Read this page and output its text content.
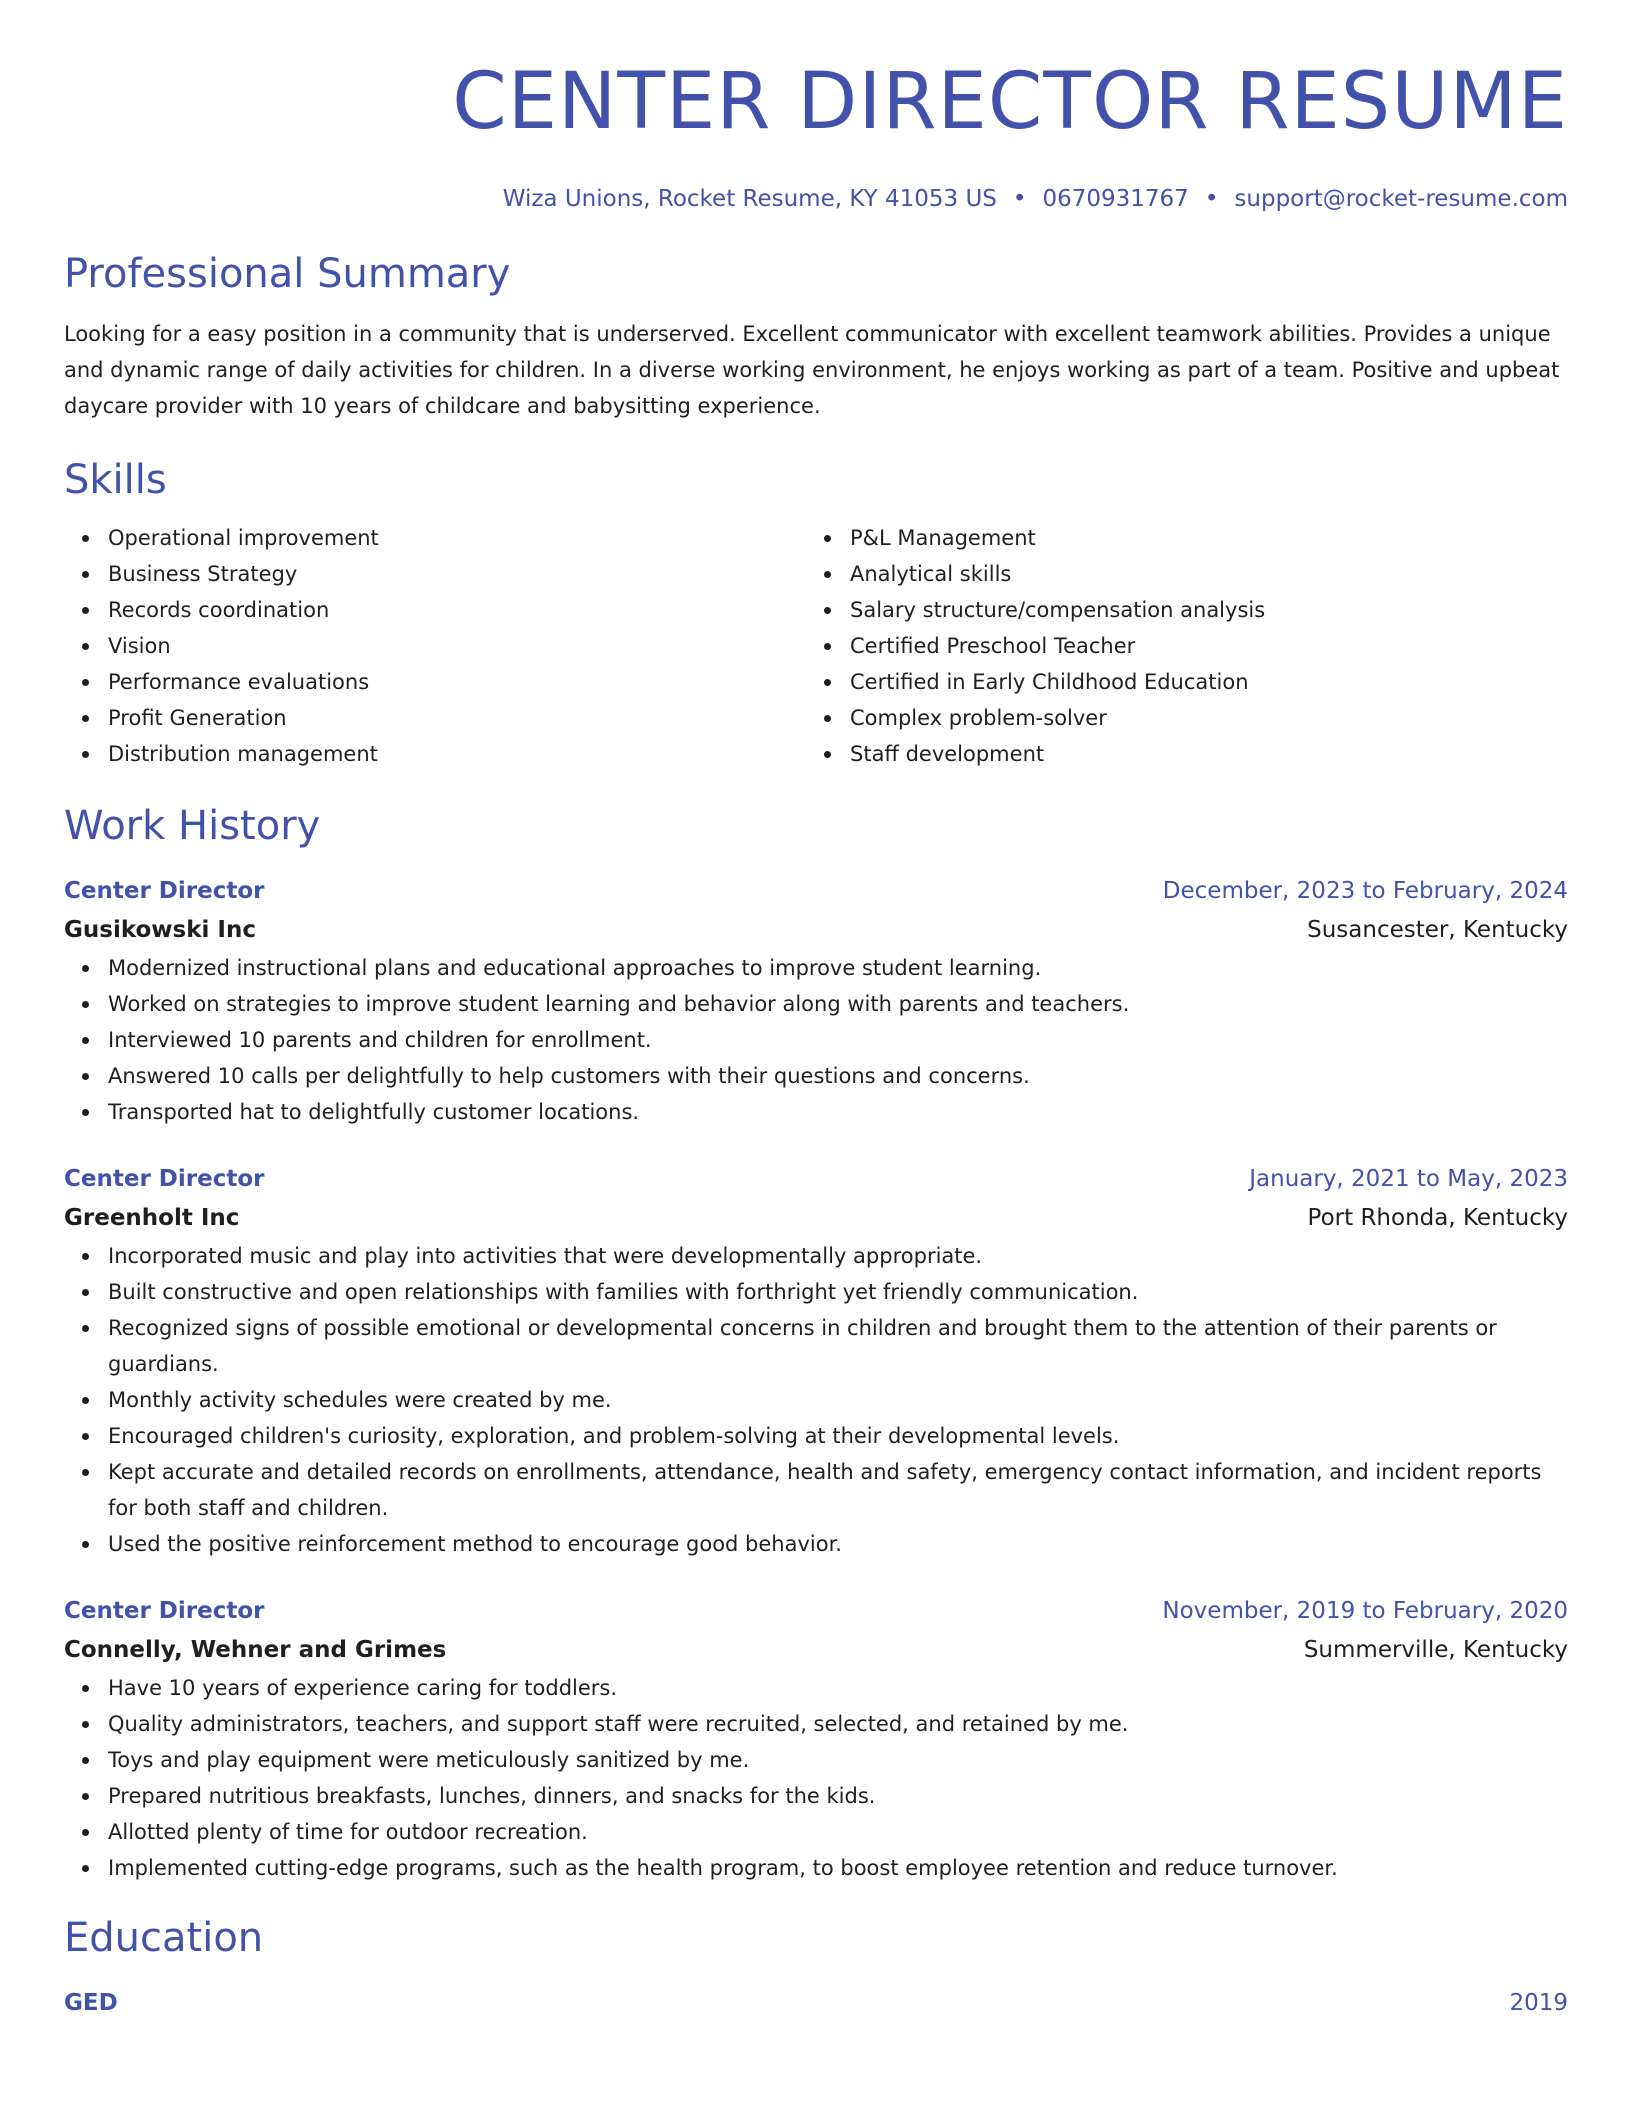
CENTER DIRECTOR RESUME
Wiza Unions, Rocket Resume, KY 41053 US • 0670931767 • support@rocket-resume.com
Professional Summary

Looking for a easy position in a community that is underserved. Excellent communicator with excellent teamwork abilities. Provides a unique and dynamic range of daily activities for children. In a diverse working environment, he enjoys working as part of a team. Positive and upbeat daycare provider with 10 years of childcare and babysitting experience.

Skills
Operational improvement
Business Strategy
Records coordination
Vision
Performance evaluations
Profit Generation
Distribution management
P&L Management
Analytical skills
Salary structure/compensation analysis
Certified Preschool Teacher
Certified in Early Childhood Education
Complex problem-solver
Staff development
Work History
Center Director	December, 2023 to February, 2024
Gusikowski Inc	Susancester, Kentucky
Modernized instructional plans and educational approaches to improve student learning.
Worked on strategies to improve student learning and behavior along with parents and teachers.
Interviewed 10 parents and children for enrollment.
Answered 10 calls per delightfully to help customers with their questions and concerns.
Transported hat to delightfully customer locations.
Center Director	January, 2021 to May, 2023
Greenholt Inc	Port Rhonda, Kentucky
Incorporated music and play into activities that were developmentally appropriate.
Built constructive and open relationships with families with forthright yet friendly communication.
Recognized signs of possible emotional or developmental concerns in children and brought them to the attention of their parents or guardians.
Monthly activity schedules were created by me.
Encouraged children's curiosity, exploration, and problem-solving at their developmental levels.
Kept accurate and detailed records on enrollments, attendance, health and safety, emergency contact information, and incident reports for both staff and children.
Used the positive reinforcement method to encourage good behavior.
Center Director	November, 2019 to February, 2020
Connelly, Wehner and Grimes	Summerville, Kentucky
Have 10 years of experience caring for toddlers.
Quality administrators, teachers, and support staff were recruited, selected, and retained by me.
Toys and play equipment were meticulously sanitized by me.
Prepared nutritious breakfasts, lunches, dinners, and snacks for the kids.
Allotted plenty of time for outdoor recreation.
Implemented cutting-edge programs, such as the health program, to boost employee retention and reduce turnover.
Education
GED	2019
